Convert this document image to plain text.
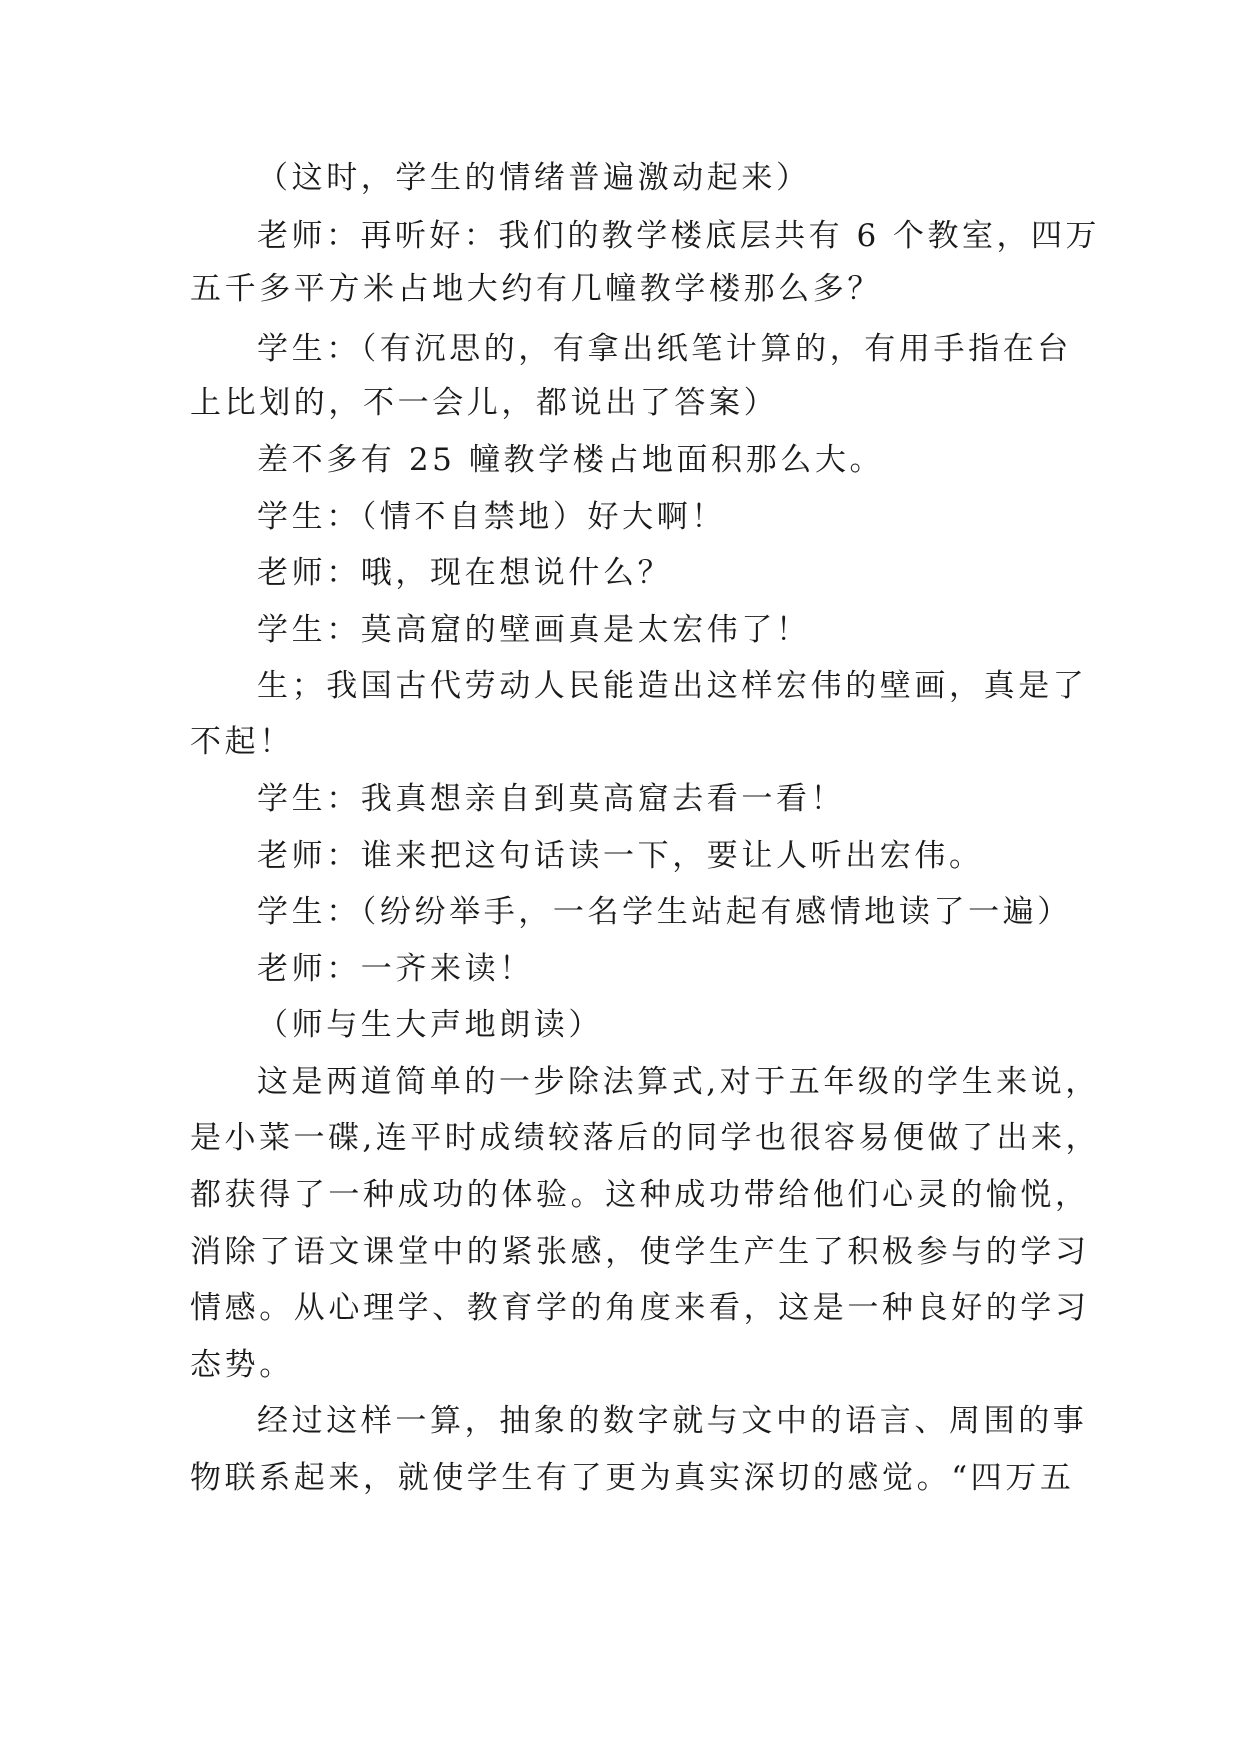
（这时，学生的情绪普遍激动起来）

老师：再听好：我们的教学楼底层共有 6 个教室，四万

五千多平方米占地大约有几幢教学楼那么多？

学生：（有沉思的，有拿出纸笔计算的，有用手指在台

上比划的，不一会儿，都说出了答案）

差不多有 25 幢教学楼占地面积那么大。

学生：（情不自禁地）好大啊！

老师：哦，现在想说什么？

学生：莫高窟的壁画真是太宏伟了！

生；我国古代劳动人民能造出这样宏伟的壁画，真是了

不起！

学生：我真想亲自到莫高窟去看一看！

老师：谁来把这句话读一下，要让人听出宏伟。

学生：（纷纷举手，一名学生站起有感情地读了一遍）

老师：一齐来读！

（师与生大声地朗读）

这是两道简单的一步除法算式,对于五年级的学生来说，

是小菜一碟,连平时成绩较落后的同学也很容易便做了出来，

都获得了一种成功的体验。这种成功带给他们心灵的愉悦，

消除了语文课堂中的紧张感，使学生产生了积极参与的学习

情感。从心理学、教育学的角度来看，这是一种良好的学习

态势。

经过这样一算，抽象的数字就与文中的语言、周围的事

物联系起来，就使学生有了更为真实深切的感觉。“四万五
